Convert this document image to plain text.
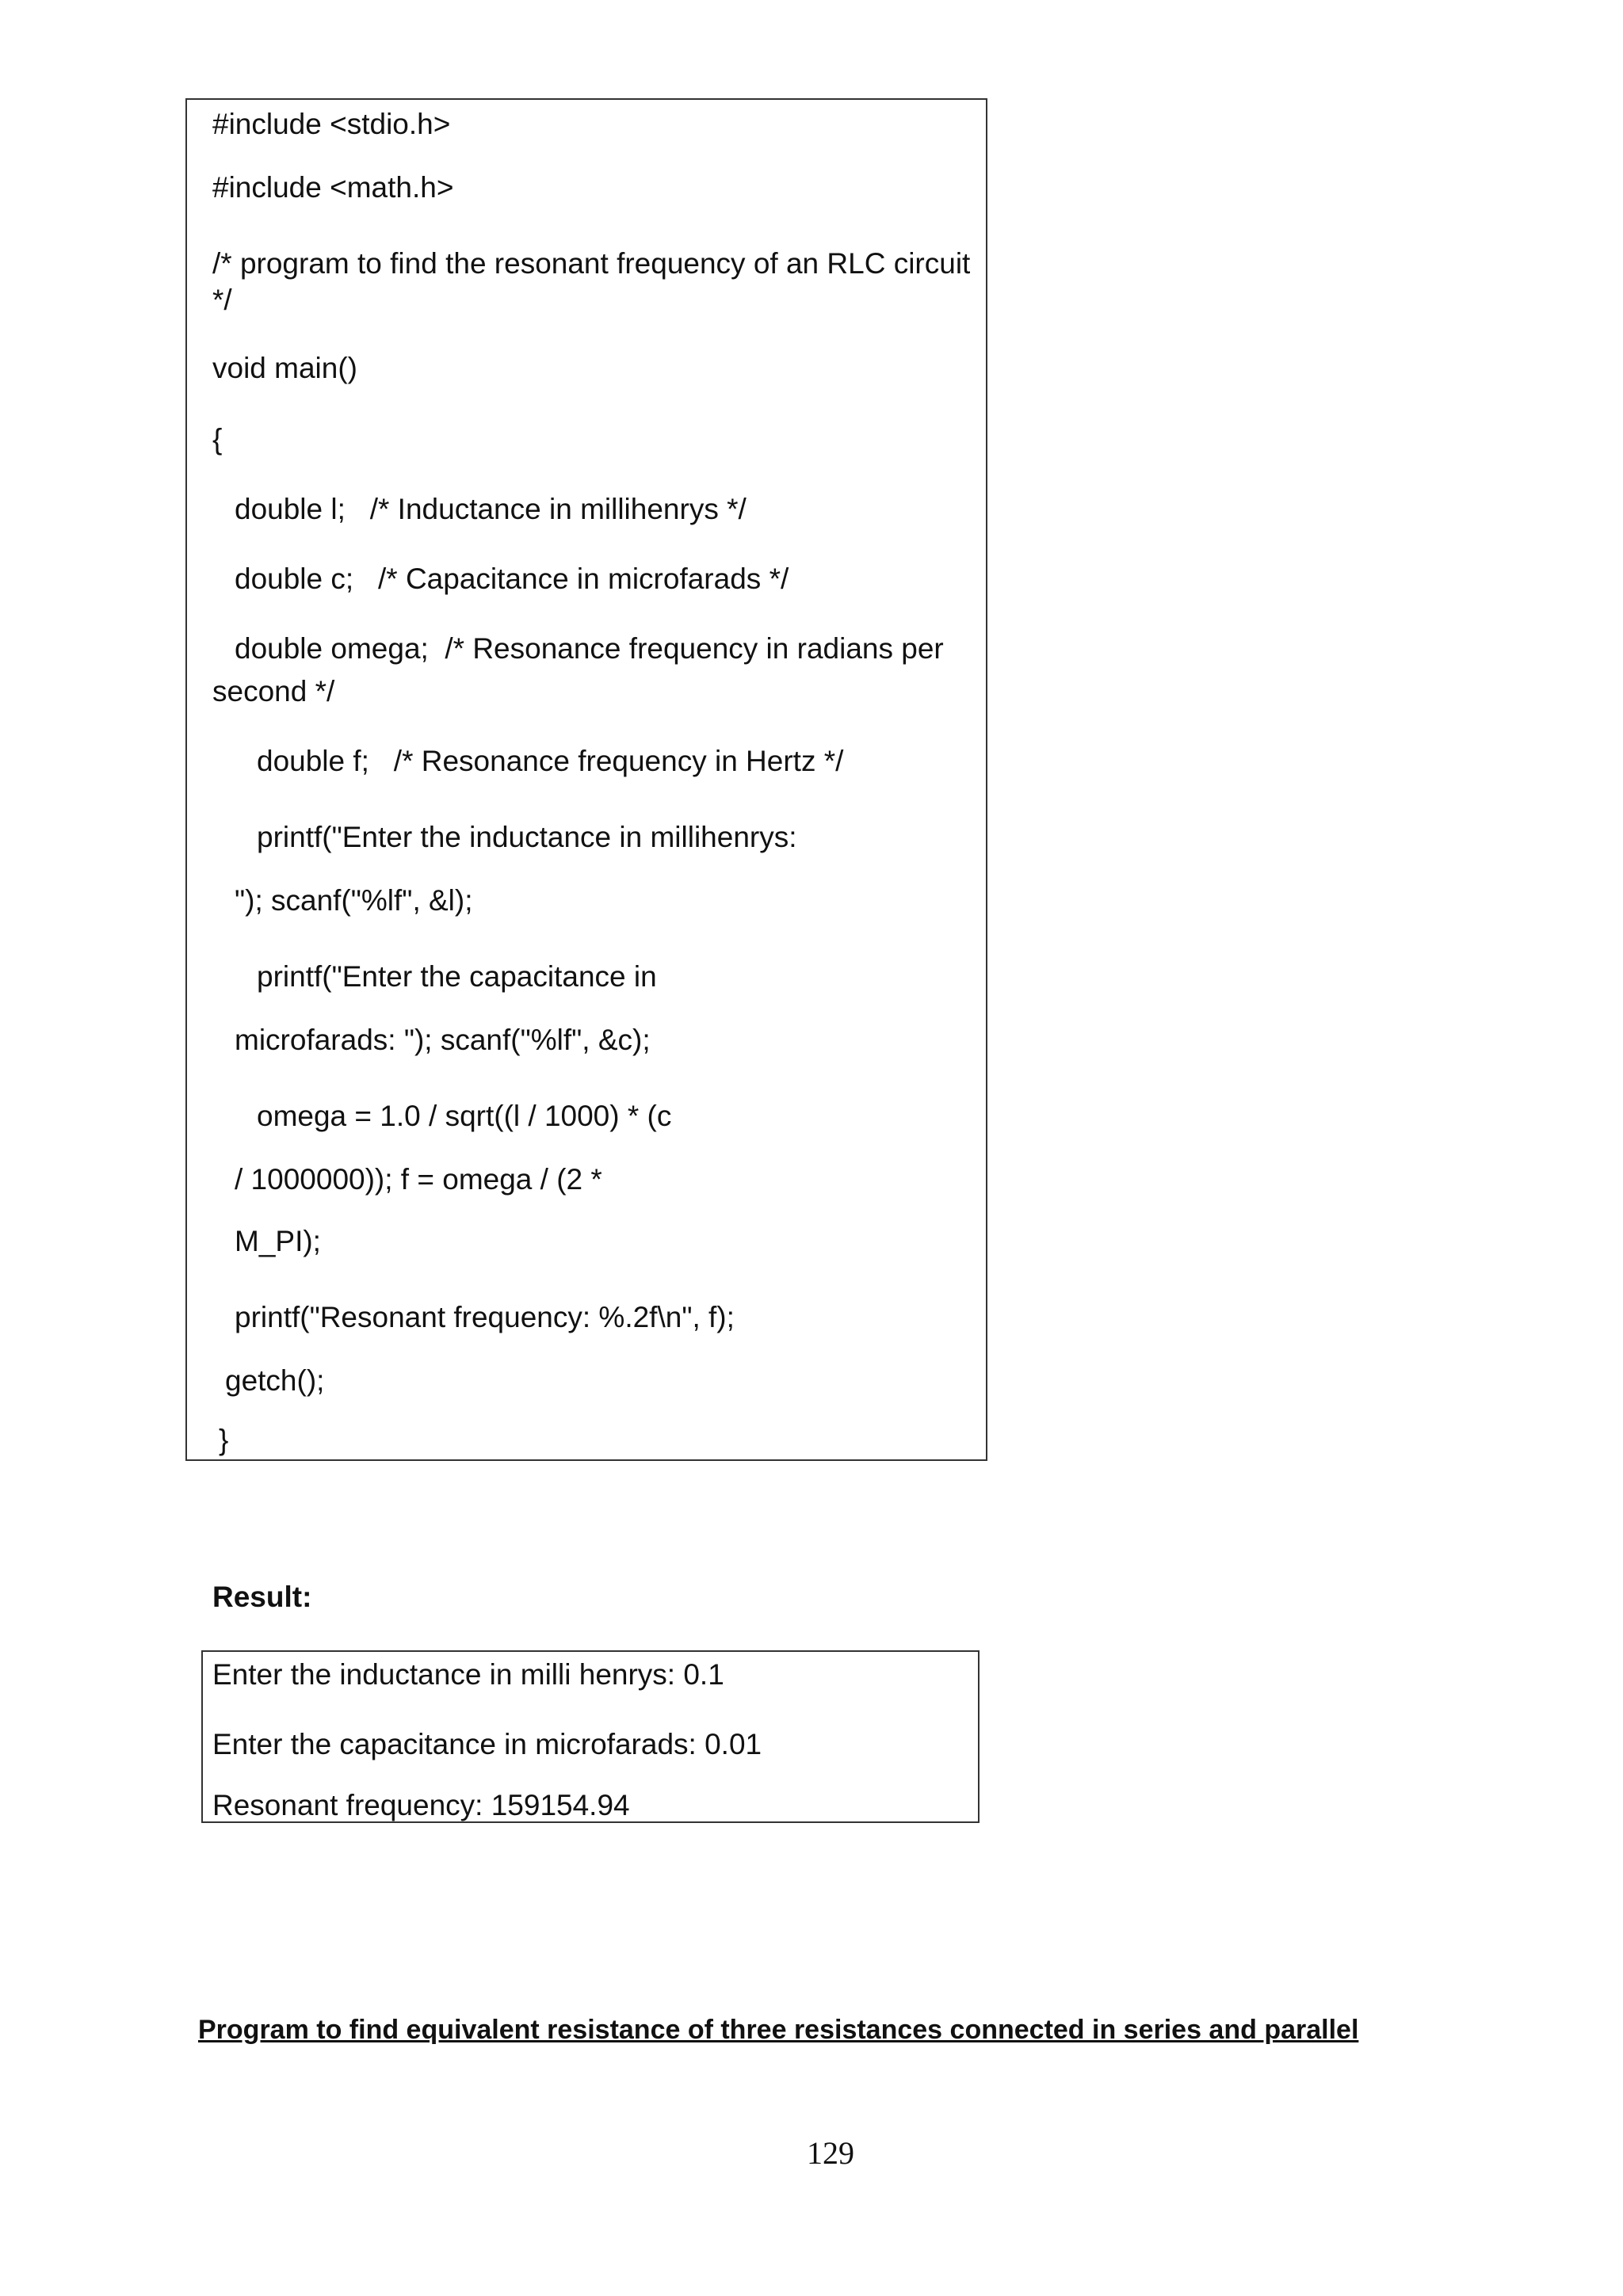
#include <stdio.h>
#include <math.h>
/* program to find the resonant frequency of an RLC circuit
*/
void main()
{
double l;   /* Inductance in millihenrys */
double c;   /* Capacitance in microfarads */
double omega;  /* Resonance frequency in radians per
second */
double f;   /* Resonance frequency in Hertz */
printf("Enter the inductance in millihenrys:
"); scanf("%lf", &l);
printf("Enter the capacitance in
microfarads: "); scanf("%lf", &c);
omega = 1.0 / sqrt((l / 1000) * (c
/ 1000000)); f = omega / (2 *
M_PI);
printf("Resonant frequency: %.2f\n", f);
getch();
}
Result:
Enter the inductance in milli henrys: 0.1
Enter the capacitance in microfarads: 0.01
Resonant frequency: 159154.94
Program to find equivalent resistance of three resistances connected in series and parallel
129
